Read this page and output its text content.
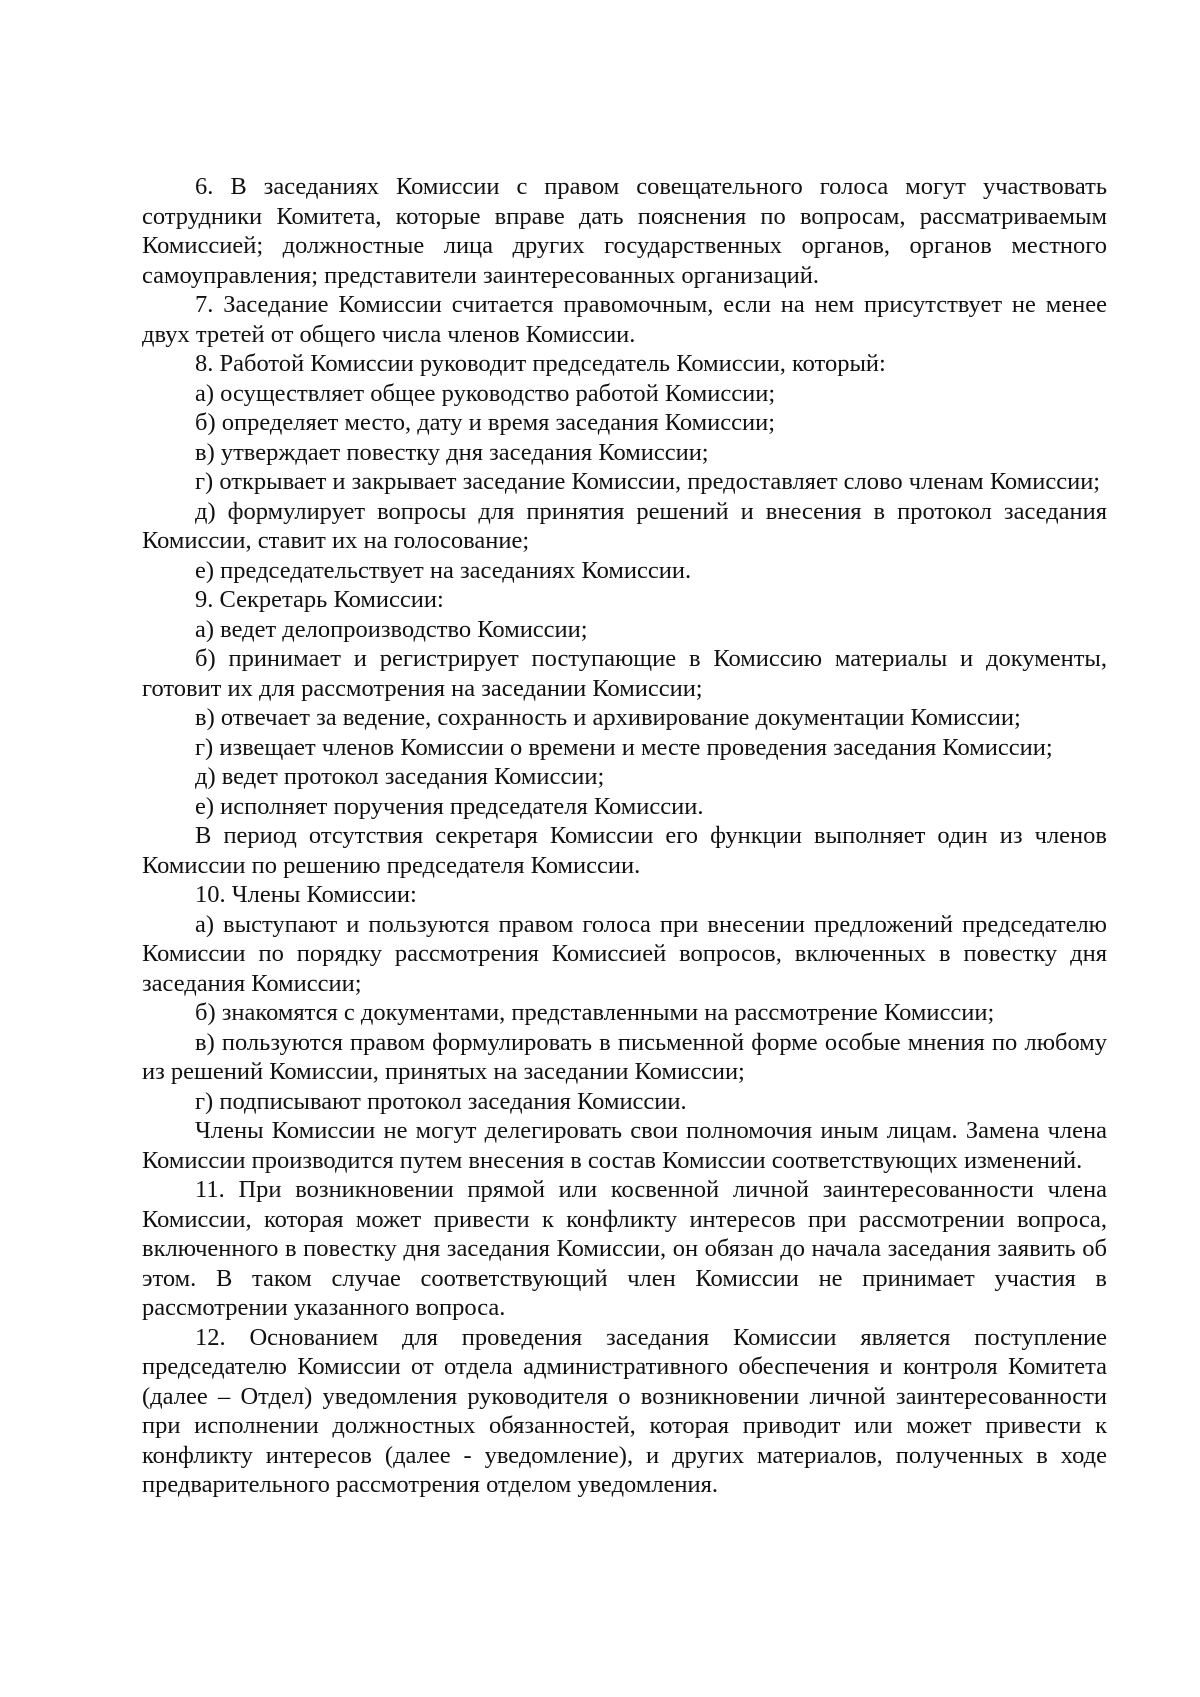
6. В заседаниях Комиссии с правом совещательного голоса могут участвовать сотрудники Комитета, которые вправе дать пояснения по вопросам, рассматриваемым Комиссией; должностные лица других государственных органов, органов местного самоуправления; представители заинтересованных организаций.

7. Заседание Комиссии считается правомочным, если на нем присутствует не менее двух третей от общего числа членов Комиссии.

8. Работой Комиссии руководит председатель Комиссии, который:

а) осуществляет общее руководство работой Комиссии;

б) определяет место, дату и время заседания Комиссии;

в) утверждает повестку дня заседания Комиссии;

г) открывает и закрывает заседание Комиссии, предоставляет слово членам Комиссии;

д) формулирует вопросы для принятия решений и внесения в протокол заседания Комиссии, ставит их на голосование;

е) председательствует на заседаниях Комиссии.

9. Секретарь Комиссии:

а) ведет делопроизводство Комиссии;

б) принимает и регистрирует поступающие в Комиссию материалы и документы, готовит их для рассмотрения на заседании Комиссии;

в) отвечает за ведение, сохранность и архивирование документации Комиссии;

г) извещает членов Комиссии о времени и месте проведения заседания Комиссии;

д) ведет протокол заседания Комиссии;

е) исполняет поручения председателя Комиссии.

В период отсутствия секретаря Комиссии его функции выполняет один из членов Комиссии по решению председателя Комиссии.

10. Члены Комиссии:

а) выступают и пользуются правом голоса при внесении предложений председателю Комиссии по порядку рассмотрения Комиссией вопросов, включенных в повестку дня заседания Комиссии;

б) знакомятся с документами, представленными на рассмотрение Комиссии;

в) пользуются правом формулировать в письменной форме особые мнения по любому из решений Комиссии, принятых на заседании Комиссии;

г) подписывают протокол заседания Комиссии.

Члены Комиссии не могут делегировать свои полномочия иным лицам. Замена члена Комиссии производится путем внесения в состав Комиссии соответствующих изменений.

11. При возникновении прямой или косвенной личной заинтересованности члена Комиссии, которая может привести к конфликту интересов при рассмотрении вопроса, включенного в повестку дня заседания Комиссии, он обязан до начала заседания заявить об этом. В таком случае соответствующий член Комиссии не принимает участия в рассмотрении указанного вопроса.

12. Основанием для проведения заседания Комиссии является поступление председателю Комиссии от отдела административного обеспечения и контроля Комитета (далее – Отдел) уведомления руководителя о возникновении личной заинтересованности при исполнении должностных обязанностей, которая приводит или может привести к конфликту интересов (далее - уведомление), и других материалов, полученных в ходе предварительного рассмотрения отделом уведомления.
